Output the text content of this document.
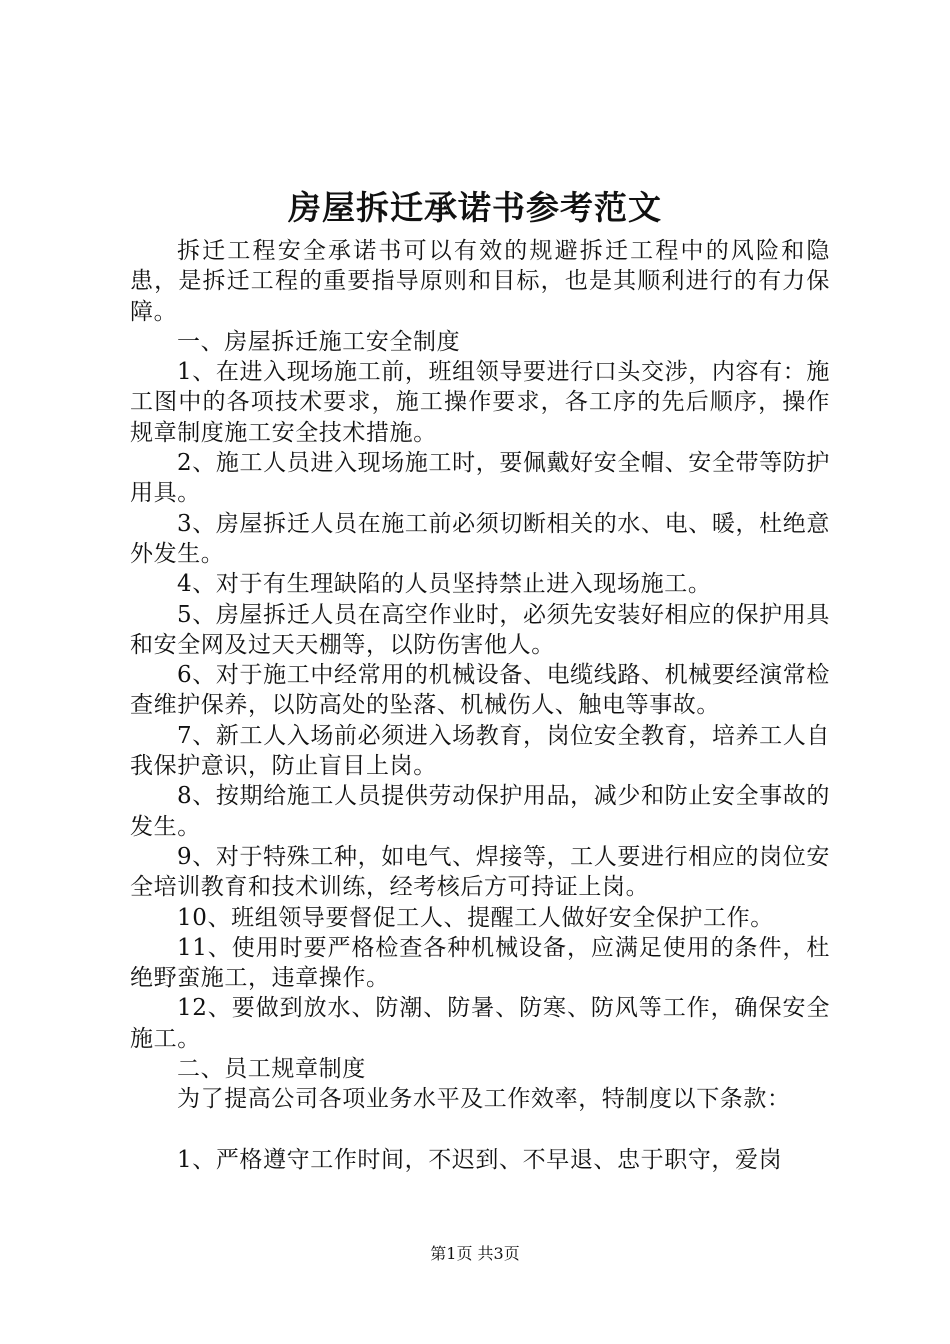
房屋拆迁承诺书参考范文

拆迁工程安全承诺书可以有效的规避拆迁工程中的风险和隐患，是拆迁工程的重要指导原则和目标，也是其顺利进行的有力保障。

一、房屋拆迁施工安全制度

1、在进入现场施工前，班组领导要进行口头交涉，内容有：施工图中的各项技术要求，施工操作要求，各工序的先后顺序，操作规章制度施工安全技术措施。

2、施工人员进入现场施工时，要佩戴好安全帽、安全带等防护用具。

3、房屋拆迁人员在施工前必须切断相关的水、电、暖，杜绝意外发生。

4、对于有生理缺陷的人员坚持禁止进入现场施工。

5、房屋拆迁人员在高空作业时，必须先安装好相应的保护用具和安全网及过天天棚等，以防伤害他人。

6、对于施工中经常用的机械设备、电缆线路、机械要经演常检查维护保养，以防高处的坠落、机械伤人、触电等事故。

7、新工人入场前必须进入场教育，岗位安全教育，培养工人自我保护意识，防止盲目上岗。

8、按期给施工人员提供劳动保护用品，减少和防止安全事故的发生。

9、对于特殊工种，如电气、焊接等，工人要进行相应的岗位安全培训教育和技术训练，经考核后方可持证上岗。

10、班组领导要督促工人、提醒工人做好安全保护工作。

11、使用时要严格检查各种机械设备，应满足使用的条件，杜绝野蛮施工，违章操作。

12、要做到放水、防潮、防暑、防寒、防风等工作，确保安全施工。

二、员工规章制度

为了提高公司各项业务水平及工作效率，特制度以下条款：

1、严格遵守工作时间，不迟到、不早退、忠于职守，爱岗

第1页 共3页
